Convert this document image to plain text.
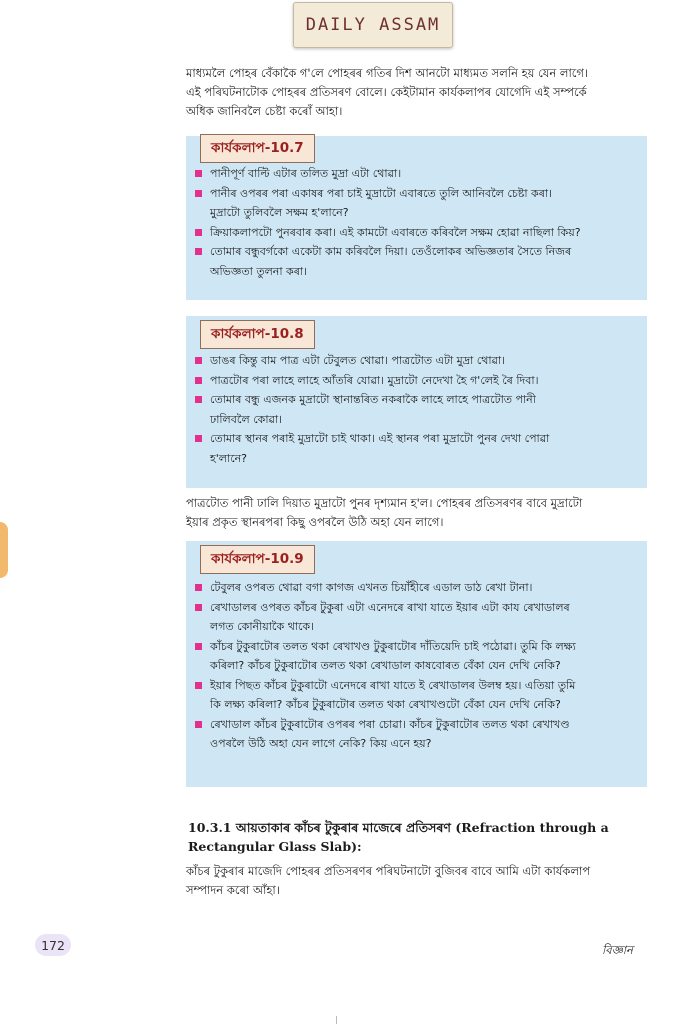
DAILY ASSAM
মাধ্যমলৈ পোহৰ বেঁকাকৈ গ'লে পোহৰৰ গতিৰ দিশ আনটো মাধ্যমত সলনি হয় যেন লাগে।
এই পৰিঘটনাটোক পোহৰৰ প্ৰতিসৰণ বোলে। কেইটামান কাৰ্যকলাপৰ যোগেদি এই সম্পৰ্কে
অধিক জানিবলৈ চেষ্টা কৰোঁ আহা।
কাৰ্যকলাপ-10.7
পানীপূৰ্ণ বাল্টি এটাৰ তলিত মুদ্ৰা এটা থোৱা।
পানীৰ ওপৰৰ পৰা একাষৰ পৰা চাই মুদ্ৰাটো এবাৰতে তুলি আনিবলৈ চেষ্টা কৰা।
মুদ্ৰাটো তুলিবলৈ সক্ষম হ'লানে?
ক্ৰিয়াকলাপটো পুনৰবাৰ কৰা। এই কামটো এবাৰতে কৰিবলৈ সক্ষম হোৱা নাছিলা কিয়?
তোমাৰ বন্ধুবৰ্গকো একেটা কাম কৰিবলৈ দিয়া। তেওঁলোকৰ অভিজ্ঞতাৰ সৈতে নিজৰ
অভিজ্ঞতা তুলনা কৰা।
কাৰ্যকলাপ-10.8
ডাঙৰ কিন্তু বাম পাত্ৰ এটা টেবুলত থোৱা। পাত্ৰটোত এটা মুদ্ৰা থোৱা।
পাত্ৰটোৰ পৰা লাহে লাহে আঁতৰি যোৱা। মুদ্ৰাটো নেদেখা হৈ গ'লেই ৰৈ দিবা।
তোমাৰ বন্ধু এজনক মুদ্ৰাটো স্থানান্তৰিত নকৰাকৈ লাহে লাহে পাত্ৰটোত পানী
ঢালিবলৈ কোৱা।
তোমাৰ স্থানৰ পৰাই মুদ্ৰাটো চাই থাকা। এই স্থানৰ পৰা মুদ্ৰাটো পুনৰ দেখা পোৱা
হ'লানে?
পাত্ৰটোত পানী ঢালি দিয়াত মুদ্ৰাটো পুনৰ দৃশ্যমান হ'ল। পোহৰৰ প্ৰতিসৰণৰ বাবে মুদ্ৰাটো
ইয়াৰ প্ৰকৃত স্থানৰপৰা কিছু ওপৰলৈ উঠি অহা যেন লাগে।
কাৰ্যকলাপ-10.9
টেবুলৰ ওপৰত থোৱা বগা কাগজ এখনত চিয়াঁহীৰে এডাল ডাঠ ৰেখা টানা।
ৰেখাডালৰ ওপৰত কাঁচৰ টুকুৰা এটা এনেদৰে ৰাখা যাতে ইয়াৰ এটা কায ৰেখাডালৰ
লগত কোনীয়াকৈ থাকে।
কাঁচৰ টুকুৰাটোৰ তলত থকা ৰেখাখণ্ড টুকুৰাটোৰ দাঁতিয়েদি চাই পঠোৱা। তুমি কি লক্ষ্য
কৰিলা? কাঁচৰ টুকুৰাটোৰ তলত থকা ৰেখাডাল কাষবোৰত বেঁকা যেন দেখি নেকি?
ইয়াৰ পিছত কাঁচৰ টুকুৰাটো এনেদৰে ৰাখা যাতে ই ৰেখাডালৰ উলম্ব হয়। এতিয়া তুমি
কি লক্ষ্য কৰিলা? কাঁচৰ টুকুৰাটোৰ তলত থকা ৰেখাখণ্ডটো বেঁকা যেন দেখি নেকি?
ৰেখাডাল কাঁচৰ টুকুৰাটোৰ ওপৰৰ পৰা চোৱা। কাঁচৰ টুকুৰাটোৰ তলত থকা ৰেখাখণ্ড
ওপৰলৈ উঠি অহা যেন লাগে নেকি? কিয় এনে হয়?
10.3.1 আয়তাকাৰ কাঁচৰ টুকুৰাৰ মাজেৰে প্ৰতিসৰণ (Refraction through a
Rectangular Glass Slab):
কাঁচৰ টুকুৰাৰ মাজেদি পোহৰৰ প্ৰতিসৰণৰ পৰিঘটনাটো বুজিবৰ বাবে আমি এটা কাৰ্যকলাপ
সম্পাদন কৰো আঁহা।
172	বিজ্ঞান
